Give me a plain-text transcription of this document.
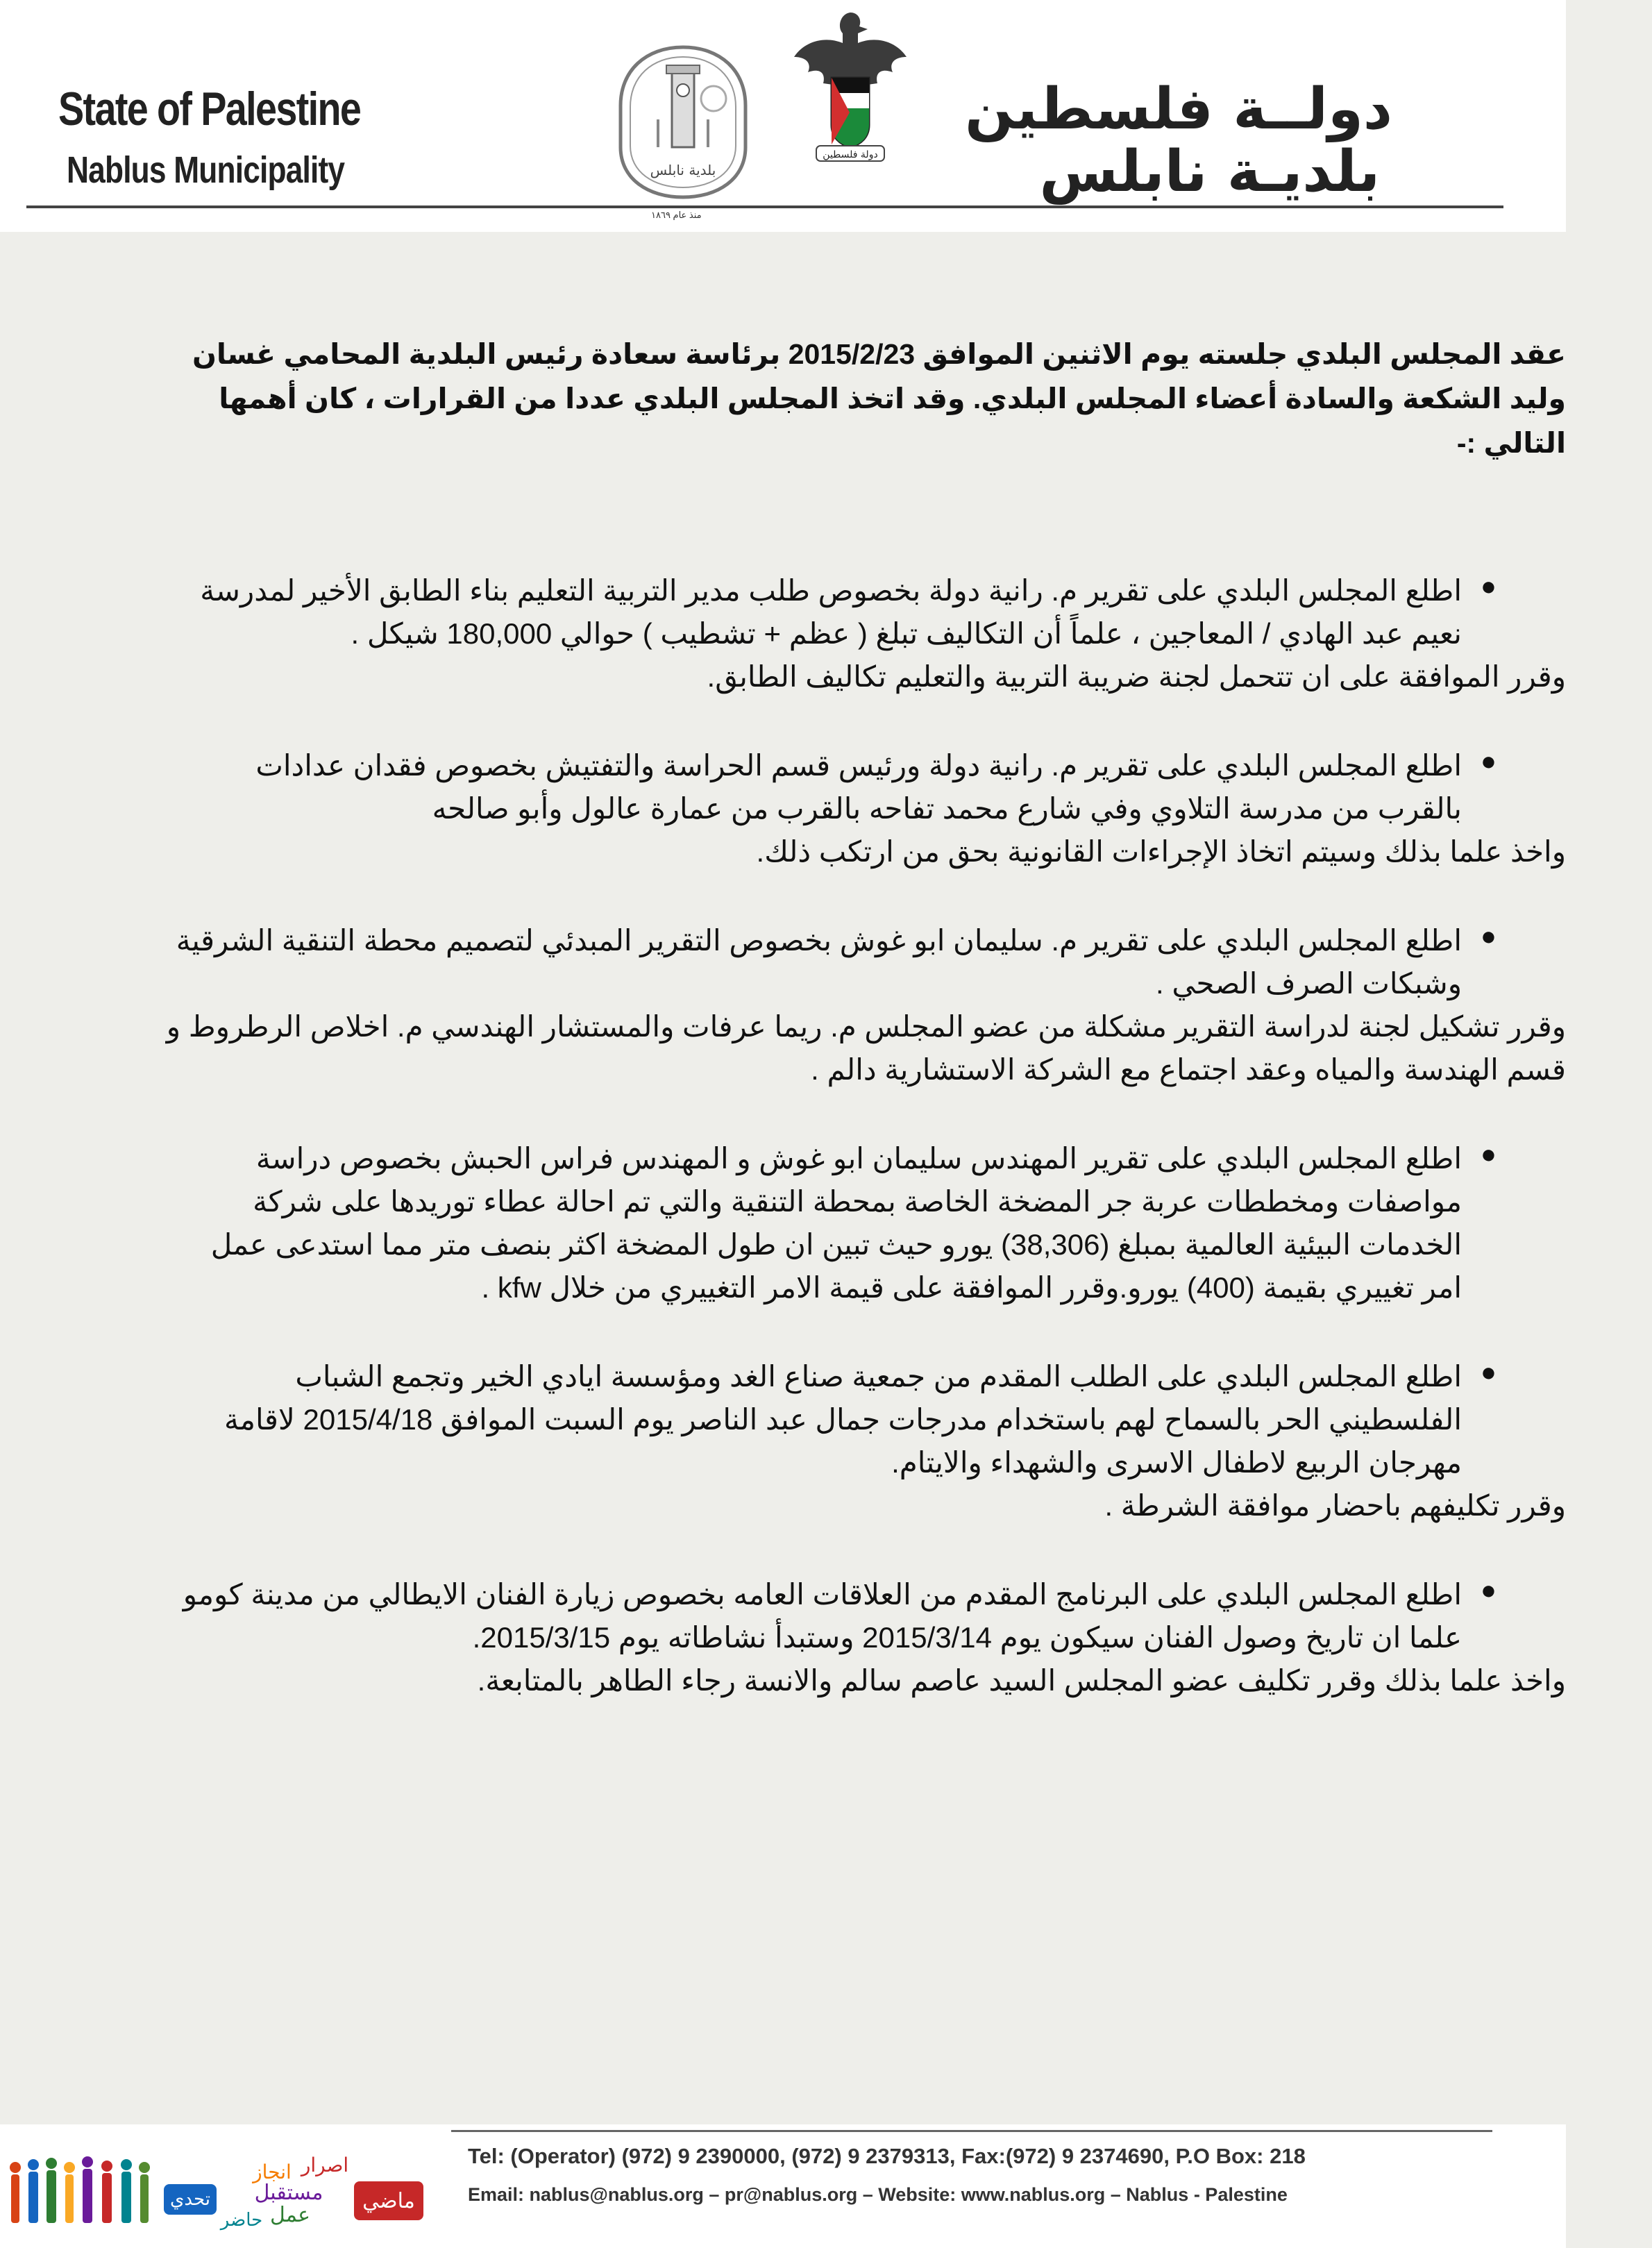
State of Palestine
Nablus Municipality	بلدية نابلس
منذ عام ١٨٦٩
دولة فلسطين
دولــة فلسطين
بلديـة نابلس

عقد المجلس البلدي جلسته يوم الاثنين الموافق 2015/2/23 برئاسة سعادة رئيس البلدية المحامي غسان وليد الشكعة والسادة أعضاء المجلس البلدي. وقد اتخذ المجلس البلدي عددا من القرارات ، كان أهمها التالي :-

●
اطلع المجلس البلدي على تقرير م. رانية دولة بخصوص طلب مدير التربية التعليم بناء الطابق الأخير لمدرسة نعيم عبد الهادي / المعاجين ، علماً أن التكاليف تبلغ ( عظم + تشطيب ) حوالي 180,000 شيكل .
وقرر الموافقة على ان تتحمل لجنة ضريبة التربية والتعليم تكاليف الطابق.
●
اطلع المجلس البلدي على تقرير م. رانية دولة ورئيس قسم الحراسة والتفتيش بخصوص فقدان عدادات بالقرب من مدرسة التلاوي وفي شارع محمد تفاحه بالقرب من عمارة عالول وأبو صالحه
واخذ علما بذلك وسيتم اتخاذ الإجراءات القانونية بحق من ارتكب ذلك.
●
اطلع المجلس البلدي على تقرير م. سليمان ابو غوش بخصوص التقرير المبدئي لتصميم محطة التنقية الشرقية وشبكات الصرف الصحي .
وقرر تشكيل لجنة لدراسة التقرير مشكلة من عضو المجلس م. ريما عرفات والمستشار الهندسي م. اخلاص الرطروط و قسم الهندسة والمياه وعقد اجتماع مع الشركة الاستشارية دالم .
●
اطلع المجلس البلدي على تقرير المهندس سليمان ابو غوش و المهندس فراس الحبش بخصوص دراسة مواصفات ومخططات عربة جر المضخة الخاصة بمحطة التنقية والتي تم احالة عطاء توريدها على شركة الخدمات البيئية العالمية بمبلغ (38,306) يورو حيث تبين ان طول المضخة اكثر بنصف متر مما استدعى عمل امر تغييري بقيمة (400) يورو.وقرر الموافقة على قيمة الامر التغييري من خلال kfw .
●
اطلع المجلس البلدي على الطلب المقدم من جمعية صناع الغد ومؤسسة ايادي الخير وتجمع الشباب الفلسطيني الحر بالسماح لهم باستخدام مدرجات جمال عبد الناصر يوم السبت الموافق 2015/4/18 لاقامة مهرجان الربيع لاطفال الاسرى والشهداء والايتام.
وقرر تكليفهم باحضار موافقة الشرطة .
●
اطلع المجلس البلدي على البرنامج المقدم من العلاقات العامه بخصوص زيارة الفنان الايطالي من مدينة كومو علما ان تاريخ وصول الفنان سيكون يوم 2015/3/14 وستبدأ نشاطاته يوم 2015/3/15.
واخذ علما بذلك وقرر تكليف عضو المجلس السيد عاصم سالم والانسة رجاء الطاهر بالمتابعة.
تحدي
حاضر عمل
مستقبل
انجاز اصرار
ماضي
Tel: (Operator) (972) 9 2390000, (972) 9 2379313, Fax:(972) 9 2374690, P.O Box: 218
Email: nablus@nablus.org – pr@nablus.org – Website: www.nablus.org – Nablus - Palestine
